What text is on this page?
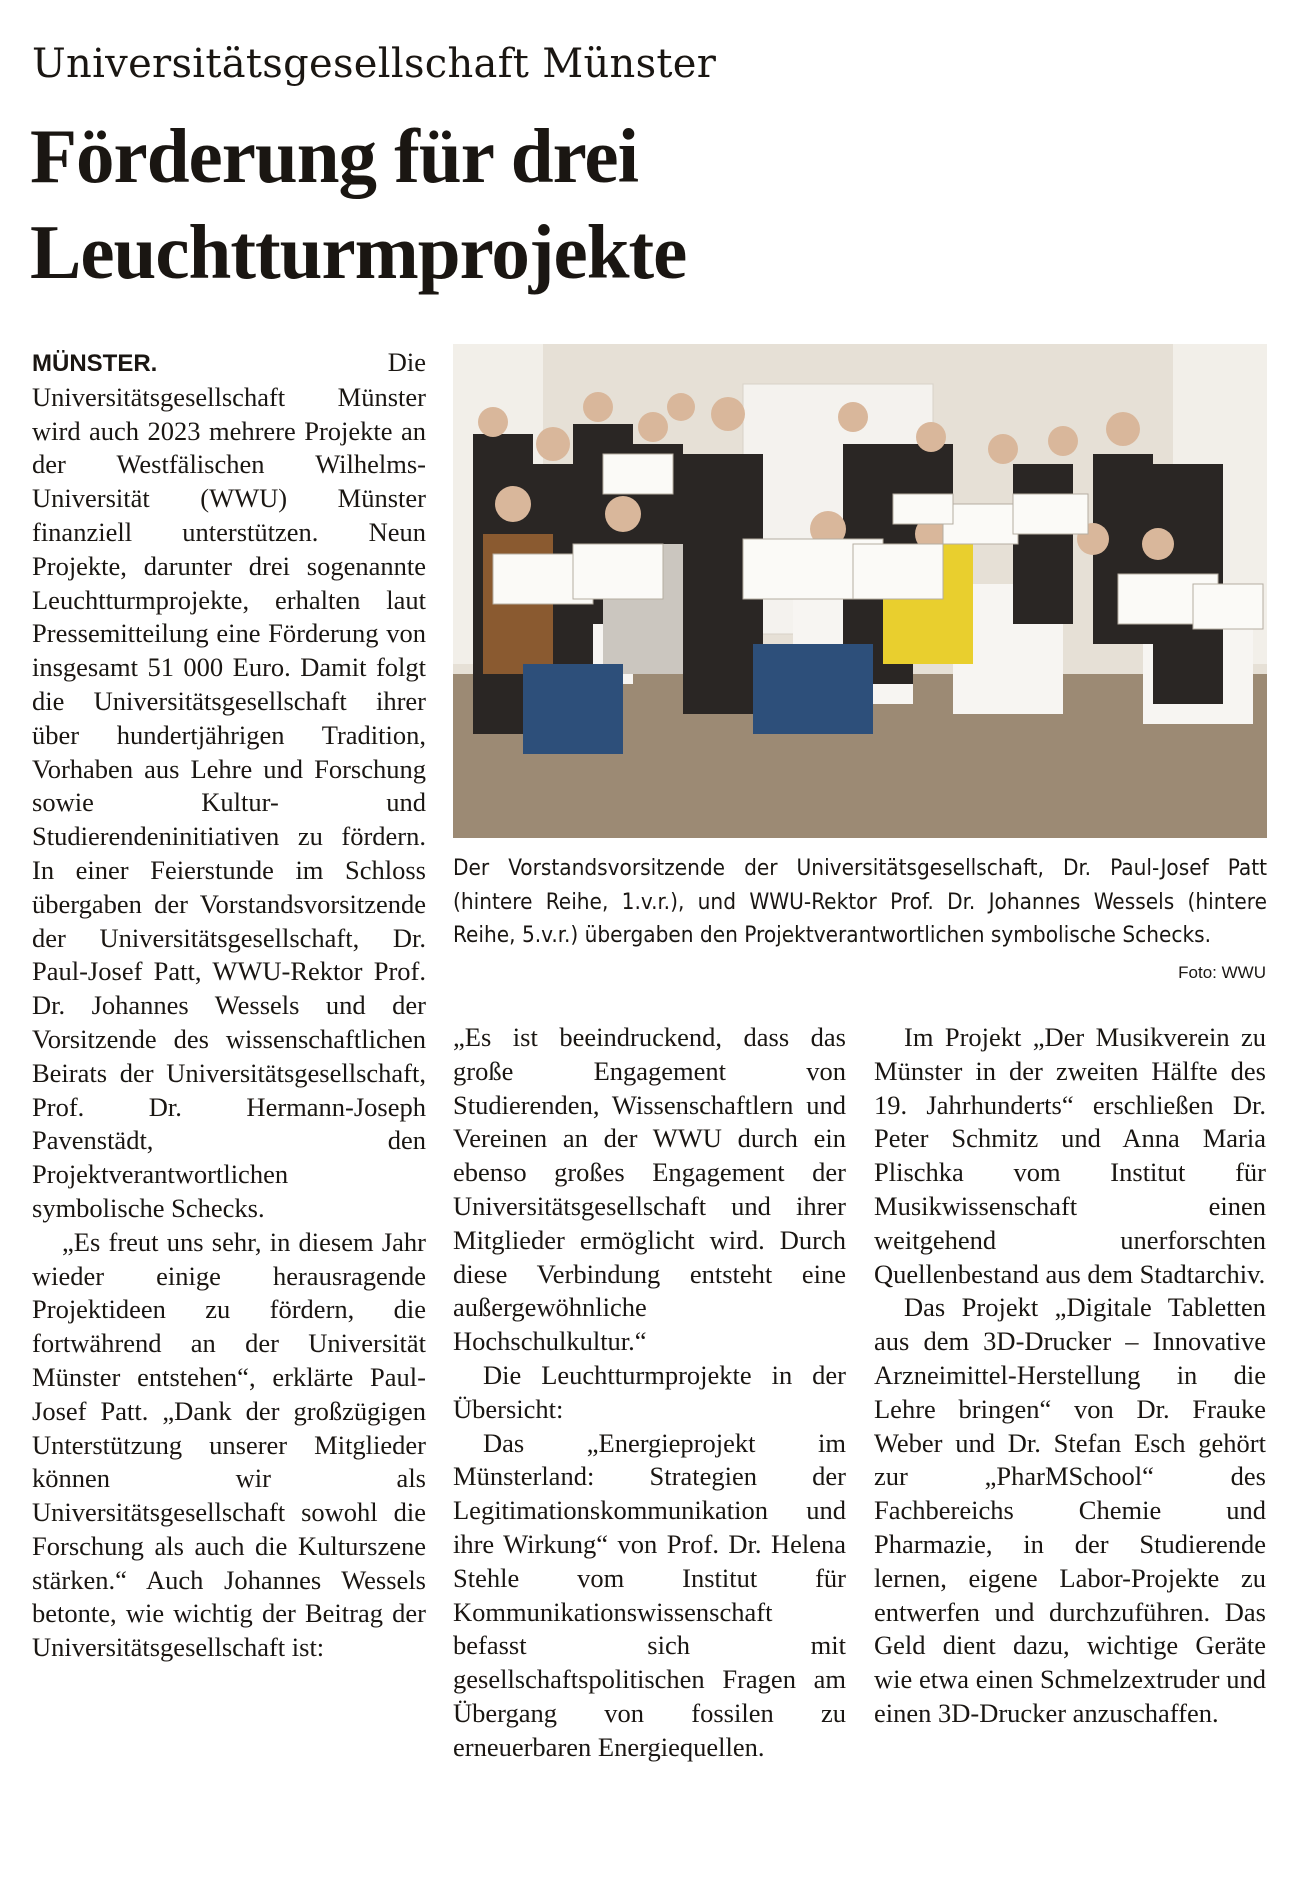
Universitätsgesellschaft Münster
Förderung für drei
Leuchtturmprojekte

MÜNSTER.	Die Universitätsgesellschaft Münster wird auch 2023 mehrere Projekte an der Westfälischen Wilhelms-Universität (WWU) Münster finanziell unterstützen. Neun Projekte, darunter drei sogenannte Leuchtturmprojekte, erhalten laut Pressemitteilung eine Förderung von insgesamt 51 000 Euro. Damit folgt die Universitätsgesellschaft ihrer über hundertjährigen Tradition, Vorhaben aus Lehre und Forschung sowie Kultur- und Studierendeninitiativen zu fördern. In einer Feierstunde im Schloss übergaben der Vorstandsvorsitzende der Universitätsgesellschaft, Dr. Paul-Josef Patt, WWU-Rektor Prof. Dr. Johannes Wessels und der Vorsitzende des wissenschaftlichen Beirats der Universitätsgesellschaft, Prof. Dr. Hermann-Joseph Pavenstädt, den Projektverantwortlichen symbolische Schecks.

„Es freut uns sehr, in diesem Jahr wieder einige herausragende Projektideen zu fördern, die fortwährend an der Universität Münster entstehen“, erklärte Paul-Josef Patt. „Dank der großzügigen Unterstützung unserer Mitglieder können wir als Universitätsgesellschaft sowohl die Forschung als auch die Kulturszene stärken.“ Auch Johannes Wessels betonte, wie wichtig der Beitrag der Universitätsgesellschaft ist:

Der Vorstandsvorsitzende der Universitätsgesellschaft, Dr. Paul-Josef Patt (hintere Reihe, 1.v.r.), und WWU-Rektor Prof. Dr. Johannes Wessels (hintere Reihe, 5.v.r.) übergaben den Projektverantwortlichen symbolische Schecks.
Foto: WWU

„Es ist beeindruckend, dass das große Engagement von Studierenden, Wissenschaftlern und Vereinen an der WWU durch ein ebenso großes Engagement der Universitätsgesellschaft und ihrer Mitglieder ermöglicht wird. Durch diese Verbindung entsteht eine außergewöhnliche Hochschulkultur.“

Die Leuchtturmprojekte in der Übersicht:

Das „Energieprojekt im Münsterland: Strategien der Legitimationskommunikation und ihre Wirkung“ von Prof. Dr. Helena Stehle vom Institut für Kommunikationswissenschaft befasst sich mit gesellschaftspolitischen Fragen am Übergang von fossilen zu erneuerbaren Energiequellen.

Im Projekt „Der Musikverein zu Münster in der zweiten Hälfte des 19. Jahrhunderts“ erschließen Dr. Peter Schmitz und Anna Maria Plischka vom Institut für Musikwissenschaft einen weitgehend unerforschten Quellenbestand aus dem Stadtarchiv.

Das Projekt „Digitale Tabletten aus dem 3D-Drucker – Innovative Arzneimittel-Herstellung in die Lehre bringen“ von Dr. Frauke Weber und Dr. Stefan Esch gehört zur „PharMSchool“ des Fachbereichs Chemie und Pharmazie, in der Studierende lernen, eigene Labor-Projekte zu entwerfen und durchzuführen. Das Geld dient dazu, wichtige Geräte wie etwa einen Schmelzextruder und einen 3D-Drucker anzuschaffen.
